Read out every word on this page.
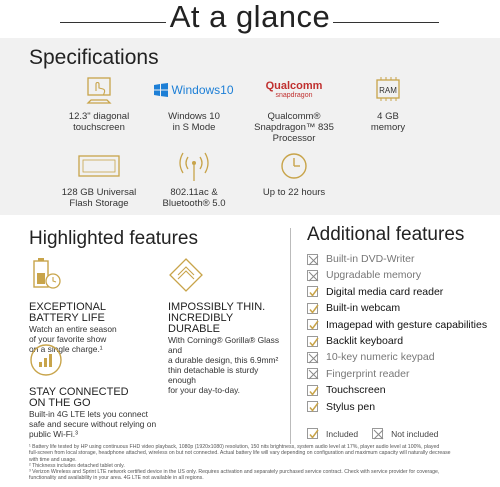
At a glance
Specifications
12.3" diagonal
touchscreen
Windows10
Windows 10
in S Mode
Qualcomm
snapdragon
Qualcomm®
Snapdragon™ 835
Processor
RAM
4 GB
memory
128 GB Universal
Flash Storage
802.11ac &
Bluetooth® 5.0
Up to 22 hours
Highlighted features
EXCEPTIONAL
BATTERY LIFE
Watch an entire season
of your favorite show
on a single charge.¹
IMPOSSIBLY THIN.
INCREDIBLY DURABLE
With Corning® Gorilla® Glass and
a durable design, this 6.9mm²
thin detachable is sturdy enough
for your day-to-day.
STAY CONNECTED
ON THE GO
Built-in 4G LTE lets you connect
safe and secure without relying on
public Wi-Fi.³
Additional features
Built-in DVD-Writer
Upgradable memory
Digital media card reader
Built-in webcam
Imagepad with gesture capabilities
Backlit keyboard
10-key numeric keypad
Fingerprint reader
Touchscreen
Stylus pen
Included	Not included
¹ Battery life tested by HP using continuous FHD video playback, 1080p (1920x1080) resolution, 150 nits brightness, system audio level at 17%, player audio level at 100%, played
full-screen from local storage, headphone attached, wireless on but not connected. Actual battery life will vary depending on configuration and maximum capacity will naturally decrease
with time and usage.
² Thickness includes detached tablet only.
³ Verizon Wireless and Sprint LTE network certified device in the US only. Requires activation and separately purchased service contract. Check with service provider for coverage,
functionality and availability in your area. 4G LTE not available in all regions.
